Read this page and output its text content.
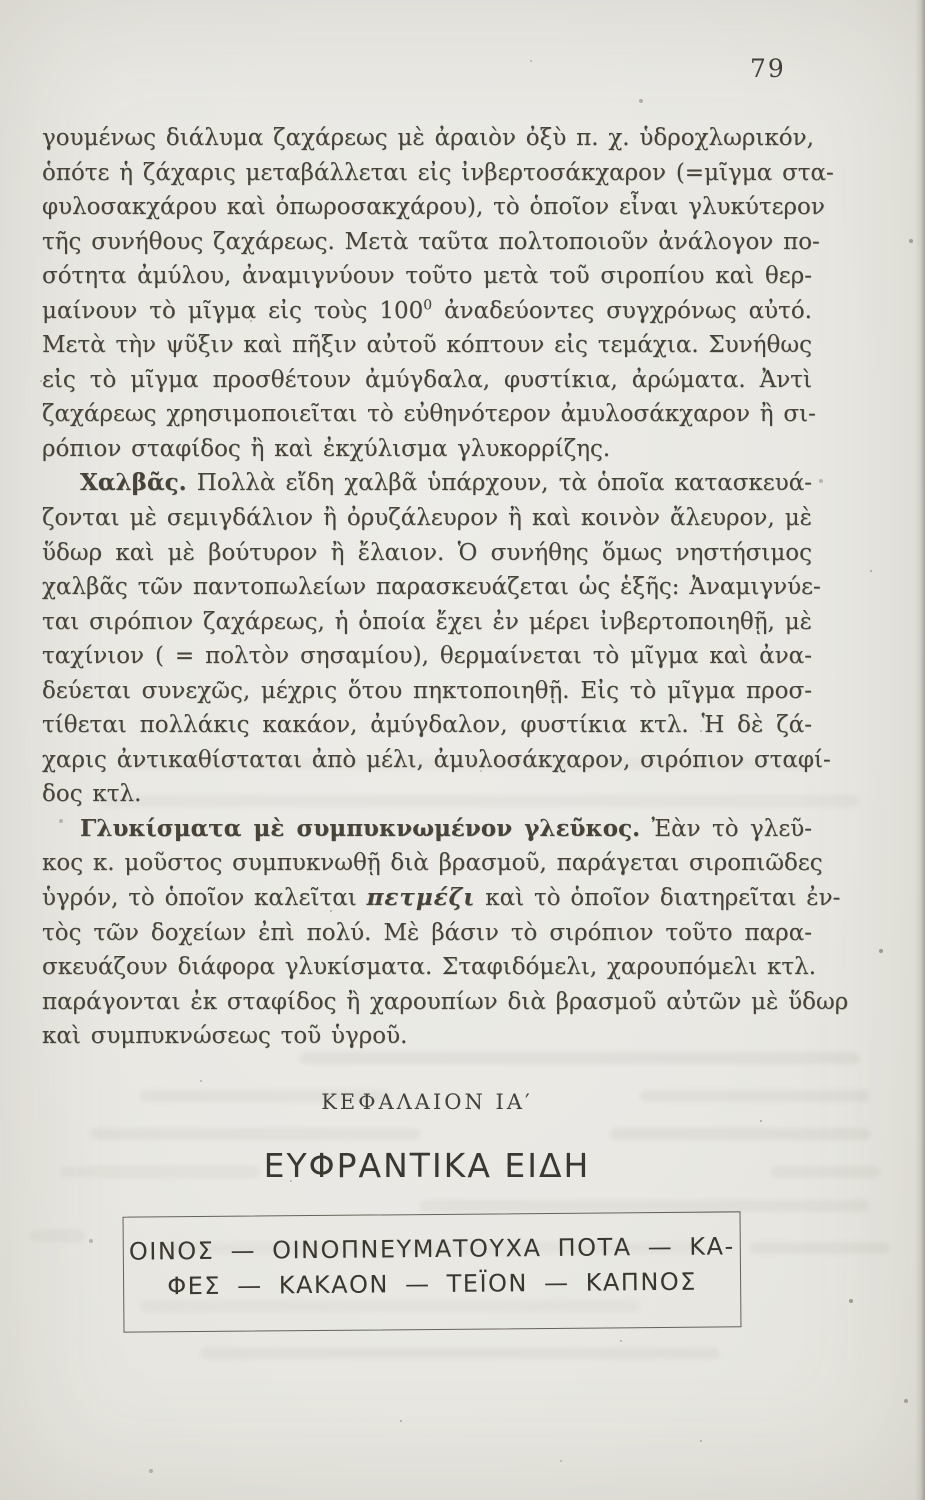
79
γουμένως διάλυμα ζαχάρεως μὲ ἀραιὸν ὀξὺ π. χ. ὑδροχλωρικόν,
ὁπότε ἡ ζάχαρις μεταβάλλεται εἰς ἰνβερτοσάκχαρον (=μῖγμα στα-
φυλοσακχάρου καὶ ὀπωροσακχάρου), τὸ ὁποῖον εἶναι γλυκύτερον
τῆς συνήθους ζαχάρεως. Μετὰ ταῦτα πολτοποιοῦν ἀνάλογον πο-
σότητα ἀμύλου, ἀναμιγνύουν τοῦτο μετὰ τοῦ σιροπίου καὶ θερ-
μαίνουν τὸ μῖγμα εἰς τοὺς $100^0$ ἀναδεύοντες συγχρόνως αὐτό.
Μετὰ τὴν ψῦξιν καὶ πῆξιν αὐτοῦ κόπτουν εἰς τεμάχια. Συνήθως
εἰς τὸ μῖγμα προσθέτουν ἀμύγδαλα, φυστίκια, ἀρώματα. Ἀντὶ
ζαχάρεως χρησιμοποιεῖται τὸ εὐθηνότερον ἀμυλοσάκχαρον ἢ σι-
ρόπιον σταφίδος ἢ καὶ ἐκχύλισμα γλυκορρίζης.
Χαλβᾶς. Πολλὰ εἴδη χαλβᾶ ὑπάρχουν, τὰ ὁποῖα κατασκευά-
ζονται μὲ σεμιγδάλιον ἢ ὀρυζάλευρον ἢ καὶ κοινὸν ἄλευρον, μὲ
ὕδωρ καὶ μὲ βούτυρον ἢ ἔλαιον. Ὁ συνήθης ὅμως νηστήσιμος
χαλβᾶς τῶν παντοπωλείων παρασκευάζεται ὡς ἑξῆς: Ἀναμιγνύε-
ται σιρόπιον ζαχάρεως, ἡ ὁποία ἔχει ἐν μέρει ἰνβερτοποιηθῇ, μὲ
ταχίνιον ( = πολτὸν σησαμίου), θερμαίνεται τὸ μῖγμα καὶ ἀνα-
δεύεται συνεχῶς, μέχρις ὅτου πηκτοποιηθῇ. Εἰς τὸ μῖγμα προσ-
τίθεται πολλάκις κακάον, ἀμύγδαλον, φυστίκια κτλ. Ἡ δὲ ζά-
χαρις ἀντικαθίσταται ἀπὸ μέλι, ἀμυλοσάκχαρον, σιρόπιον σταφί-
δος κτλ.
Γλυκίσματα μὲ συμπυκνωμένον γλεῦκος. Ἐὰν τὸ γλεῦ-
κος κ. μοῦστος συμπυκνωθῇ διὰ βρασμοῦ, παράγεται σιροπιῶδες
ὑγρόν, τὸ ὁποῖον καλεῖται πετμέζι καὶ τὸ ὁποῖον διατηρεῖται ἐν-
τὸς τῶν δοχείων ἐπὶ πολύ. Μὲ βάσιν τὸ σιρόπιον τοῦτο παρα-
σκευάζουν διάφορα γλυκίσματα. Σταφιδόμελι, χαρουπόμελι κτλ.
παράγονται ἐκ σταφίδος ἢ χαρουπίων διὰ βρασμοῦ αὐτῶν μὲ ὕδωρ
καὶ συμπυκνώσεως τοῦ ὑγροῦ.
ΚΕΦΑΛΑΙΟΝ ΙΑ′
ΕΥΦΡΑΝΤΙΚΑ ΕΙΔΗ
ΟΙΝΟΣ — ΟΙΝΟΠΝΕΥΜΑΤΟΥΧΑ ΠΟΤΑ — ΚΑ-
ΦΕΣ — ΚΑΚΑΟΝ — ΤΕΪΟΝ — ΚΑΠΝΟΣ
